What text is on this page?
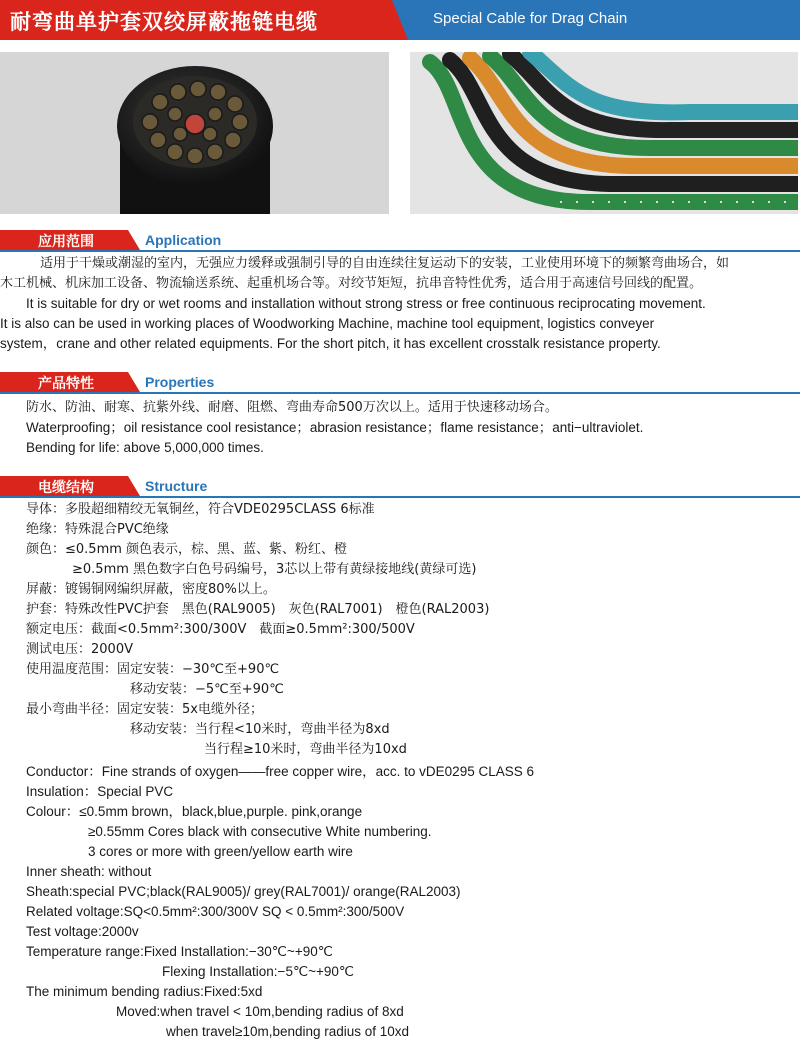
耐弯曲单护套双绞屏蔽拖链电缆	Special Cable for Drag Chain
应用范围	Application
适用于干燥或潮湿的室内，无强应力缓释或强制引导的自由连续往复运动下的安装，工业使用环境下的频繁弯曲场合，如
木工机械、机床加工设备、物流输送系统、起重机场合等。对绞节矩短，抗串音特性优秀，适合用于高速信号回线的配置。
It is suitable for dry or wet rooms and installation without strong stress or free continuous reciprocating movement.
It is also can be used in working places of Woodworking Machine, machine tool equipment, logistics conveyer
system，crane and other related equipments. For the short pitch, it has excellent crosstalk resistance property.
产品特性	Properties
防水、防油、耐寒、抗紫外线、耐磨、阻燃、弯曲寿命500万次以上。适用于快速移动场合。
Waterproofing；oil resistance cool resistance；abrasion resistance；flame resistance；anti−ultraviolet.
Bending for life: above 5,000,000 times.
电缆结构	Structure
导体：多股超细精绞无氧铜丝，符合VDE0295CLASS 6标准
绝缘：特殊混合PVC绝缘
颜色：≤0.5mm 颜色表示，棕、黑、蓝、紫、粉红、橙
≥0.5mm 黑色数字白色号码编号，3芯以上带有黄绿接地线(黄绿可选)
屏蔽：镀锡铜网编织屏蔽，密度80%以上。
护套：特殊改性PVC护套　黑色(RAL9005)　灰色(RAL7001)　橙色(RAL2003)
额定电压：截面<0.5mm²:300/300V　截面≥0.5mm²:300/500V
测试电压：2000V
使用温度范围：固定安装：−30℃至+90℃
移动安装：−5℃至+90℃
最小弯曲半径：固定安装：5x电缆外径；
移动安装：当行程<10米时，弯曲半径为8xd
当行程≥10米时，弯曲半径为10xd
Conductor：Fine strands of oxygen——free copper wire，acc. to vDE0295 CLASS 6
Insulation：Special PVC
Colour：≤0.5mm brown，black,blue,purple. pink,orange
≥0.55mm Cores black with consecutive White numbering.
3 cores or more with green/yellow earth wire
Inner sheath: without
Sheath:special PVC;black(RAL9005)/ grey(RAL7001)/ orange(RAL2003)
Related voltage:SQ<0.5mm²:300/300V SQ < 0.5mm²:300/500V
Test voltage:2000v
Temperature range:Fixed Installation:−30℃~+90℃
Flexing Installation:−5℃~+90℃
The minimum bending radius:Fixed:5xd
Moved:when travel < 10m,bending radius of 8xd
when travel≥10m,bending radius of 10xd
